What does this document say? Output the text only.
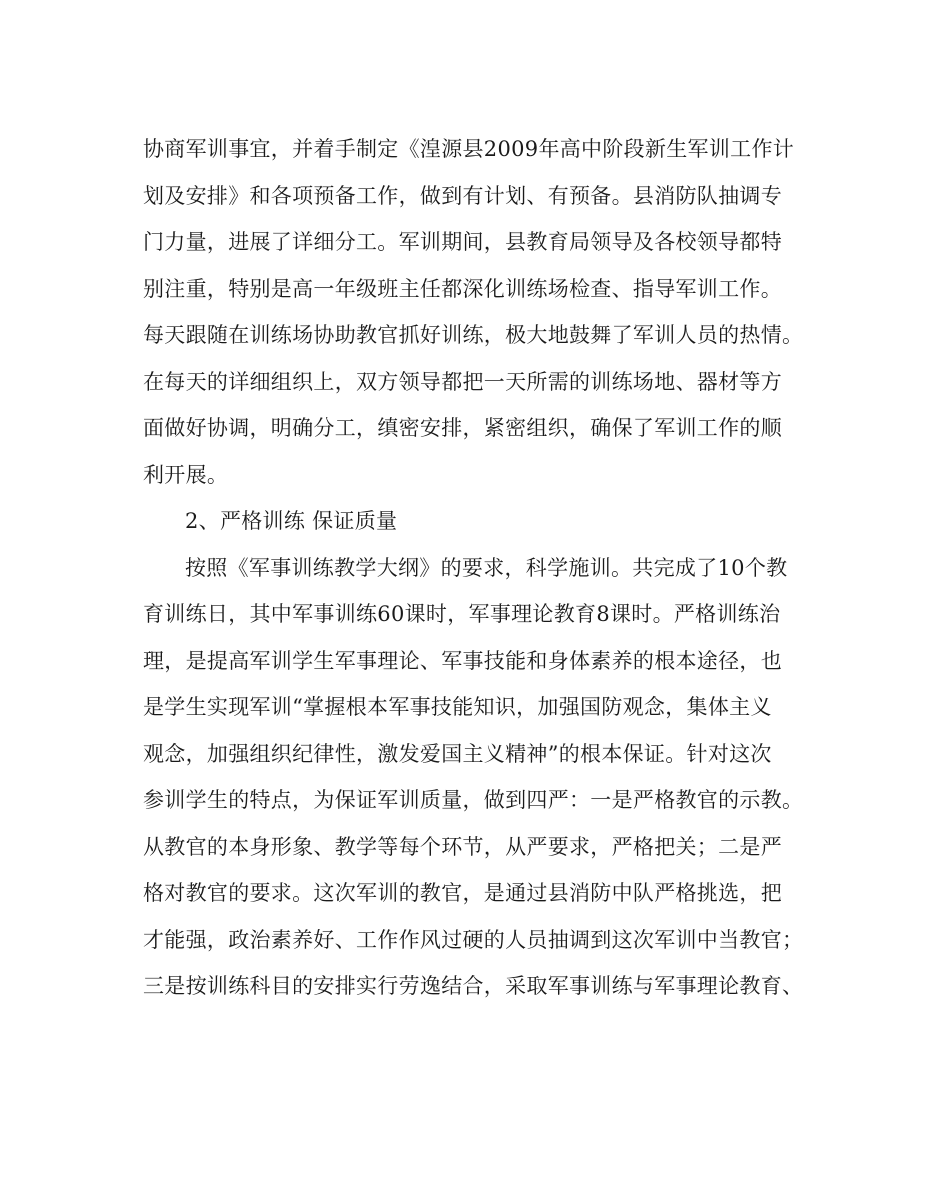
协商军训事宜，并着手制定《湟源县2009年高中阶段新生军训工作计
划及安排》和各项预备工作，做到有计划、有预备。县消防队抽调专
门力量，进展了详细分工。军训期间，县教育局领导及各校领导都特
别注重，特别是高一年级班主任都深化训练场检查、指导军训工作。
每天跟随在训练场协助教官抓好训练，极大地鼓舞了军训人员的热情。
在每天的详细组织上，双方领导都把一天所需的训练场地、器材等方
面做好协调，明确分工，缜密安排，紧密组织，确保了军训工作的顺
利开展。
2、严格训练 保证质量
按照《军事训练教学大纲》的要求，科学施训。共完成了10个教
育训练日，其中军事训练60课时，军事理论教育8课时。严格训练治
理，是提高军训学生军事理论、军事技能和身体素养的根本途径，也
是学生实现军训“掌握根本军事技能知识，加强国防观念，集体主义
观念，加强组织纪律性，激发爱国主义精神”的根本保证。针对这次
参训学生的特点，为保证军训质量，做到四严：一是严格教官的示教。
从教官的本身形象、教学等每个环节，从严要求，严格把关；二是严
格对教官的要求。这次军训的教官，是通过县消防中队严格挑选，把
才能强，政治素养好、工作作风过硬的人员抽调到这次军训中当教官；
三是按训练科目的安排实行劳逸结合，采取军事训练与军事理论教育、
